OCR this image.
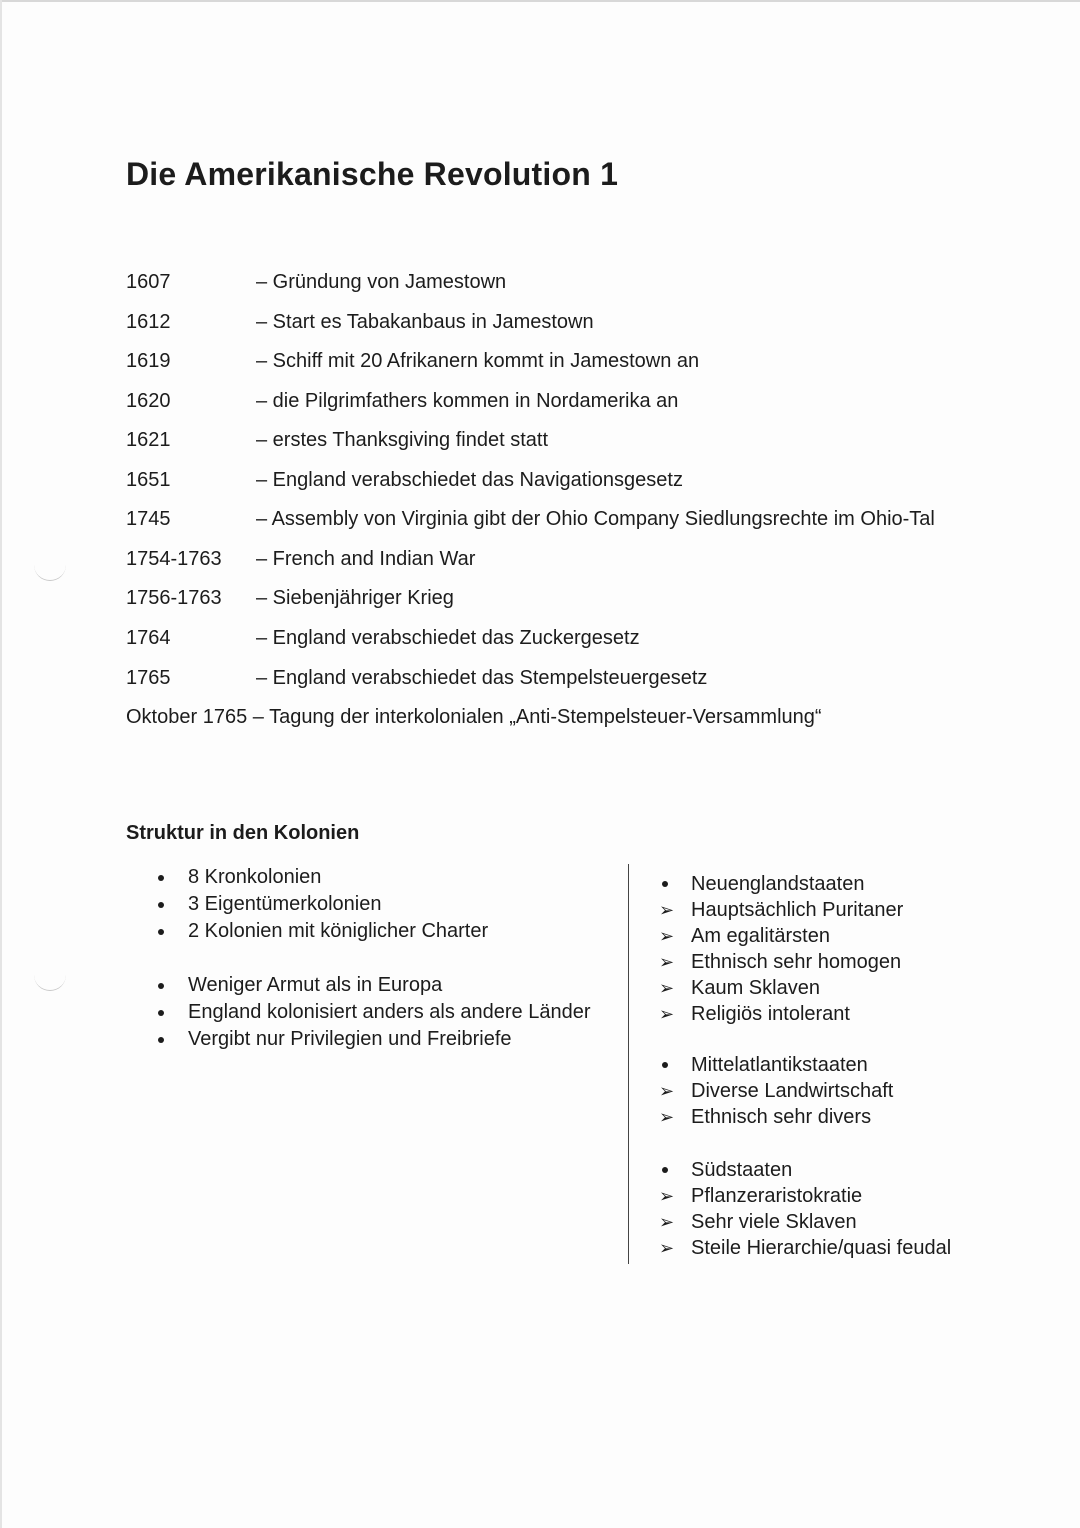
Die Amerikanische Revolution 1
1607	– Gründung von Jamestown
1612	– Start es Tabakanbaus in Jamestown
1619	– Schiff mit 20 Afrikanern kommt in Jamestown an
1620	– die Pilgrimfathers kommen in Nordamerika an
1621	– erstes Thanksgiving findet statt
1651	– England verabschiedet das Navigationsgesetz
1745	– Assembly von Virginia gibt der Ohio Company Siedlungsrechte im Ohio-Tal
1754-1763 – French and Indian War
1756-1763 – Siebenjähriger Krieg
1764	– England verabschiedet das Zuckergesetz
1765	– England verabschiedet das Stempelsteuergesetz
Oktober 1765 – Tagung der interkolonialen „Anti-Stempelsteuer-Versammlung“
Struktur in den Kolonien
8 Kronkolonien
3 Eigentümerkolonien
2 Kolonien mit königlicher Charter
Weniger Armut als in Europa
England kolonisiert anders als andere Länder
Vergibt nur Privilegien und Freibriefe
Neuenglandstaaten
➢ Hauptsächlich Puritaner
➢ Am egalitärsten
➢ Ethnisch sehr homogen
➢ Kaum Sklaven
➢ Religiös intolerant
Mittelatlantikstaaten
➢ Diverse Landwirtschaft
➢ Ethnisch sehr divers
Südstaaten
➢ Pflanzeraristokratie
➢ Sehr viele Sklaven
➢ Steile Hierarchie/quasi feudal
